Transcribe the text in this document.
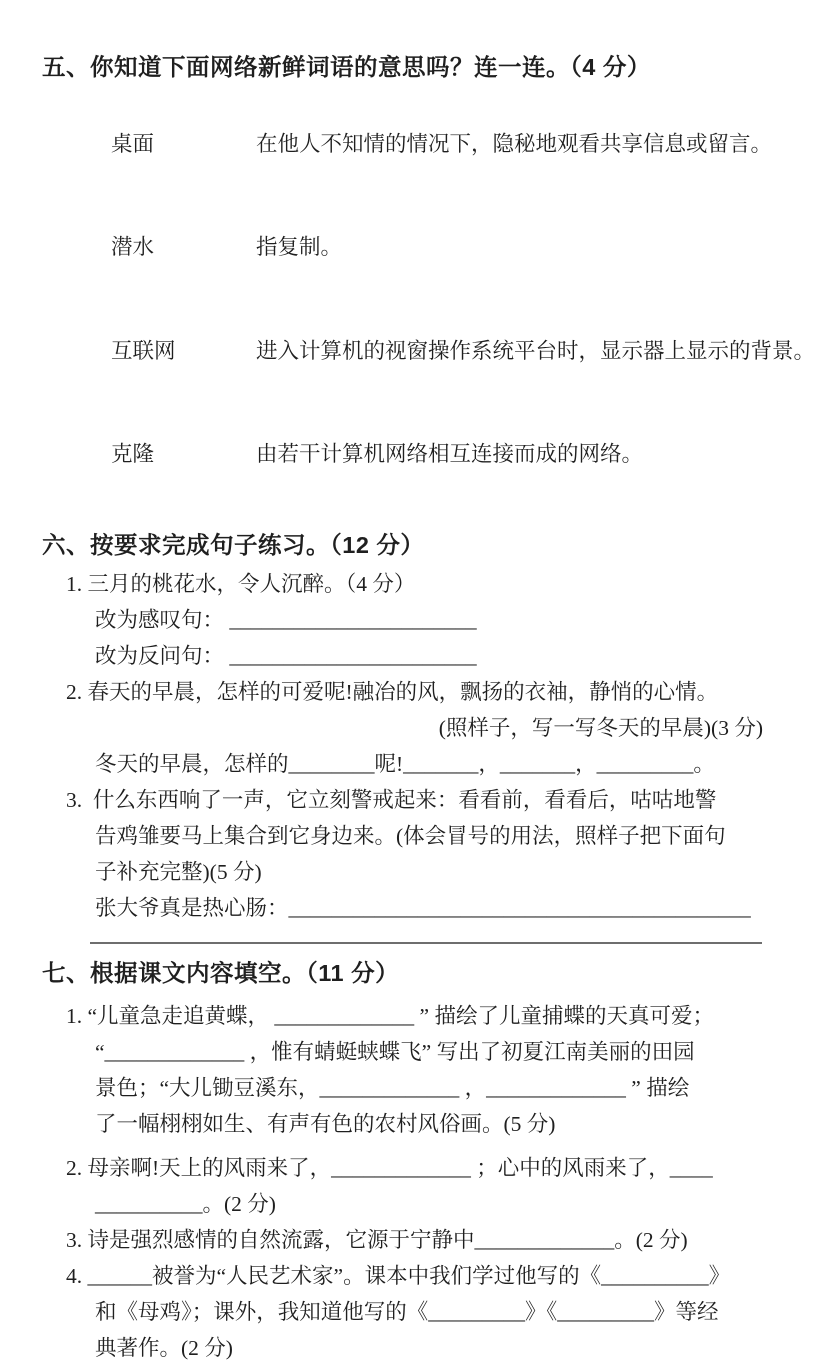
五、你知道下面网络新鲜词语的意思吗？连一连。（4 分）

桌面	在他人不知情的情况下，隐秘地观看共享信息或留言。

潜水	指复制。

互联网	进入计算机的视窗操作系统平台时，显示器上显示的背景。

克隆	由若干计算机网络相互连接而成的网络。

六、按要求完成句子练习。（12 分）
1. 三月的桃花水，令人沉醉。（4 分）
改为感叹句： _______________________
改为反问句： _______________________
2. 春天的早晨，怎样的可爱呢!融冶的风，飘扬的衣袖，静悄的心情。
(照样子，写一写冬天的早晨)(3 分)
冬天的早晨，怎样的________呢!_______，_______，_________。
3.  什么东西响了一声，它立刻警戒起来：看看前，看看后，咕咕地警
告鸡雏要马上集合到它身边来。(体会冒号的用法，照样子把下面句
子补充完整)(5 分)
张大爷真是热心肠：___________________________________________
七、根据课文内容填空。（11 分）
1. “儿童急走追黄蝶， _____________ ” 描绘了儿童捕蝶的天真可爱；
“_____________ ，惟有蜻蜓蛱蝶飞” 写出了初夏江南美丽的田园
景色；“大儿锄豆溪东，_____________ ，_____________ ” 描绘
了一幅栩栩如生、有声有色的农村风俗画。(5 分)
2. 母亲啊!天上的风雨来了，_____________ ；心中的风雨来了，____
__________。(2 分)
3. 诗是强烈感情的自然流露，它源于宁静中_____________。(2 分)
4. ______被誉为“人民艺术家”。课本中我们学过他写的《__________》
和《母鸡》；课外，我知道他写的《_________》《_________》等经
典著作。(2 分)
